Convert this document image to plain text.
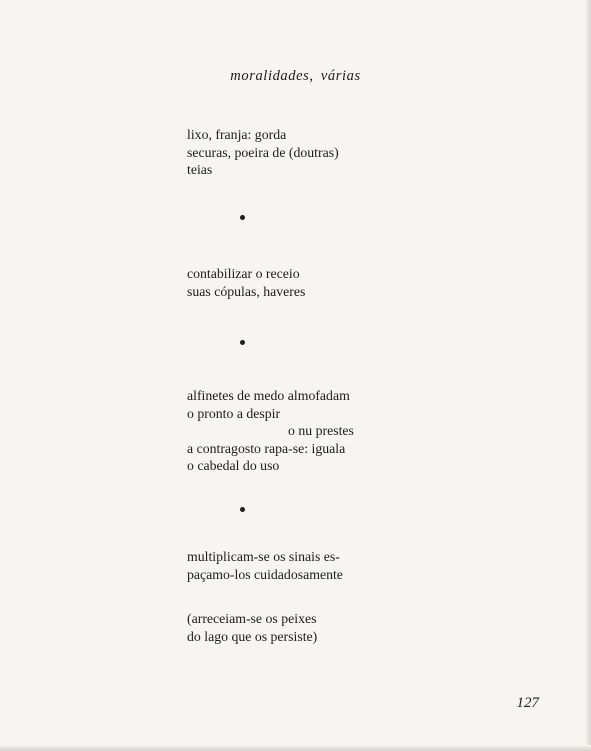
moralidades, várias
lixo, franja: gorda
securas, poeira de (doutras)
teias
contabilizar o receio
suas cópulas, haveres
alfinetes de medo almofadam
o pronto a despir
o nu prestes
a contragosto rapa-se: iguala
o cabedal do uso
multiplicam-se os sinais es-
paçamo-los cuidadosamente
(arreceiam-se os peixes
do lago que os persiste)
127
